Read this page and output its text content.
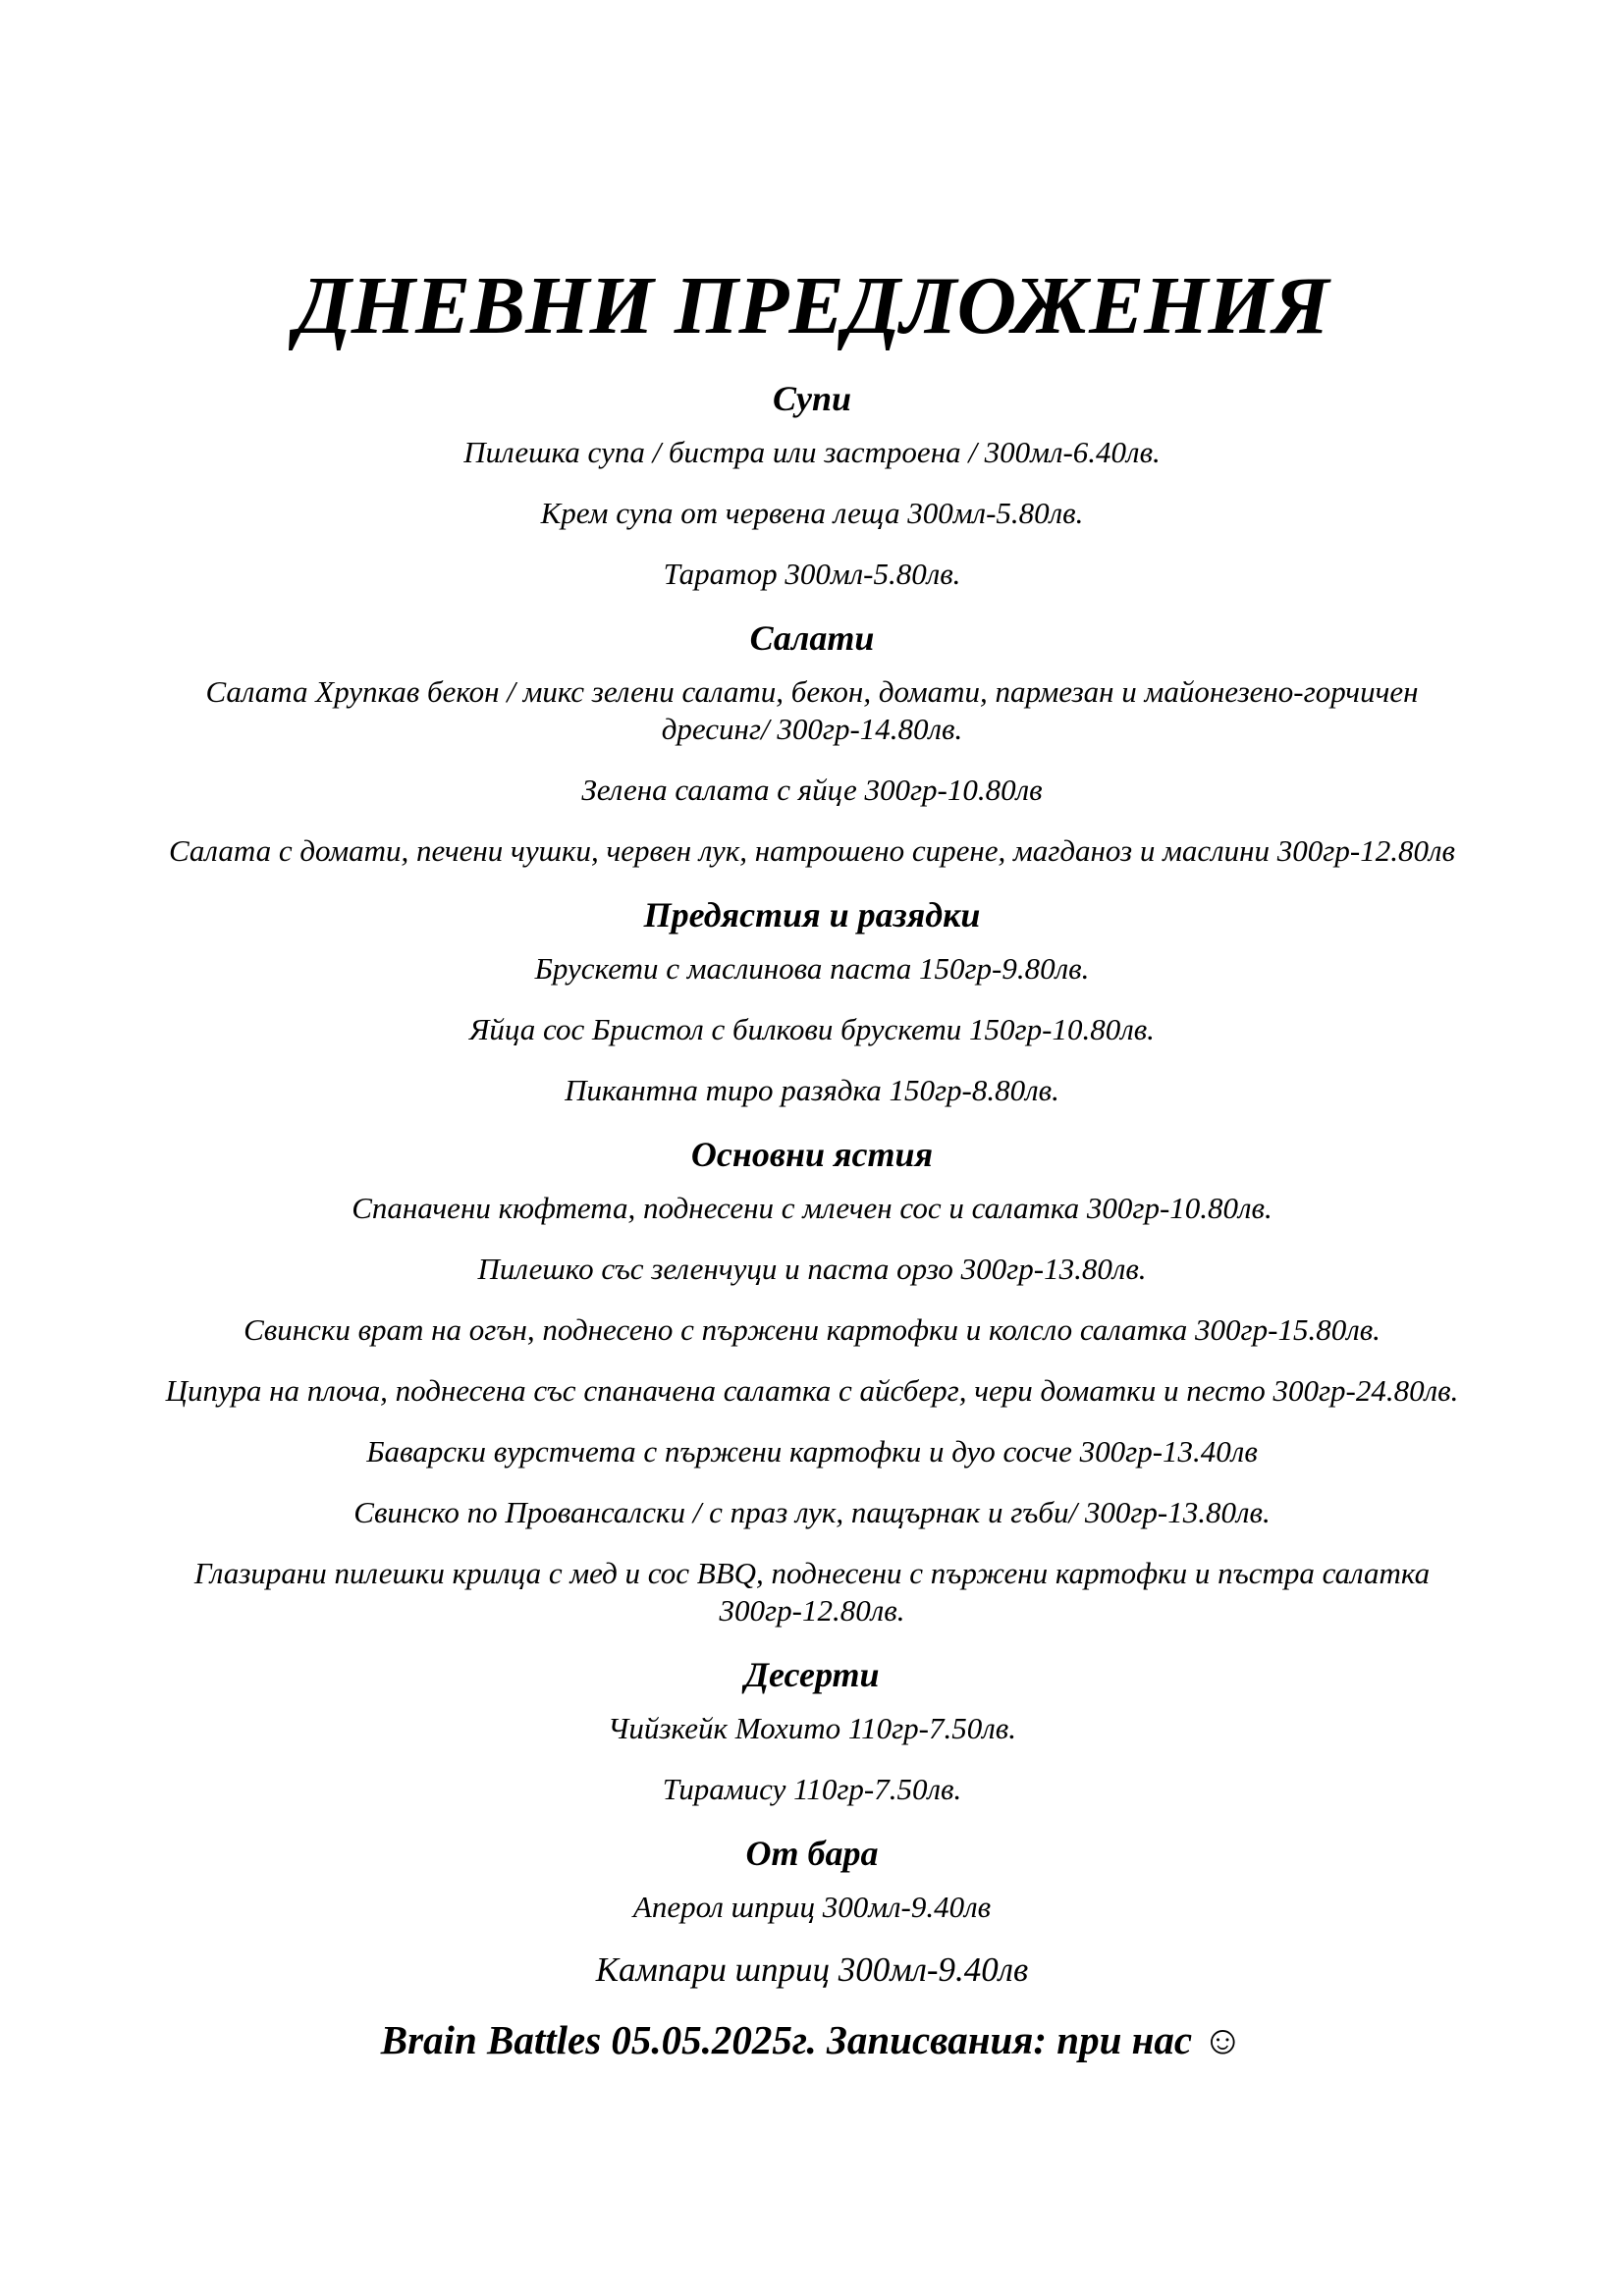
ДНЕВНИ ПРЕДЛОЖЕНИЯ
Супи
Пилешка супа / бистра или застроена / 300мл-6.40лв.
Крем супа от червена леща 300мл-5.80лв.
Таратор 300мл-5.80лв.
Салати
Салата Хрупкав бекон / микс зелени салати, бекон, домати, пармезан и майонезено-горчичен дресинг/ 300гр-14.80лв.
Зелена салата с яйце 300гр-10.80лв
Салата с домати, печени чушки, червен лук, натрошено сирене, магданоз и маслини 300гр-12.80лв
Предястия и разядки
Брускети с маслинова паста 150гр-9.80лв.
Яйца сос Бристол с билкови брускети 150гр-10.80лв.
Пикантна тиро разядка 150гр-8.80лв.
Основни ястия
Спаначени кюфтета, поднесени с млечен сос и салатка 300гр-10.80лв.
Пилешко със зеленчуци и паста орзо 300гр-13.80лв.
Свински врат на огън, поднесено с пържени картофки и колсло салатка 300гр-15.80лв.
Ципура на плоча, поднесена със спаначена салатка с айсберг, чери доматки и песто 300гр-24.80лв.
Баварски вурстчета с пържени картофки и дуо сосче 300гр-13.40лв
Свинско по Провансалски / с праз лук, пащърнак и гъби/ 300гр-13.80лв.
Глазирани пилешки крилца с мед и сос BBQ, поднесени с пържени картофки и пъстра салатка 300гр-12.80лв.
Десерти
Чийзкейк Мохито 110гр-7.50лв.
Тирамису 110гр-7.50лв.
От бара
Аперол шприц 300мл-9.40лв
Кампари шприц 300мл-9.40лв
Brain Battles 05.05.2025г. Записвания: при нас ☺
